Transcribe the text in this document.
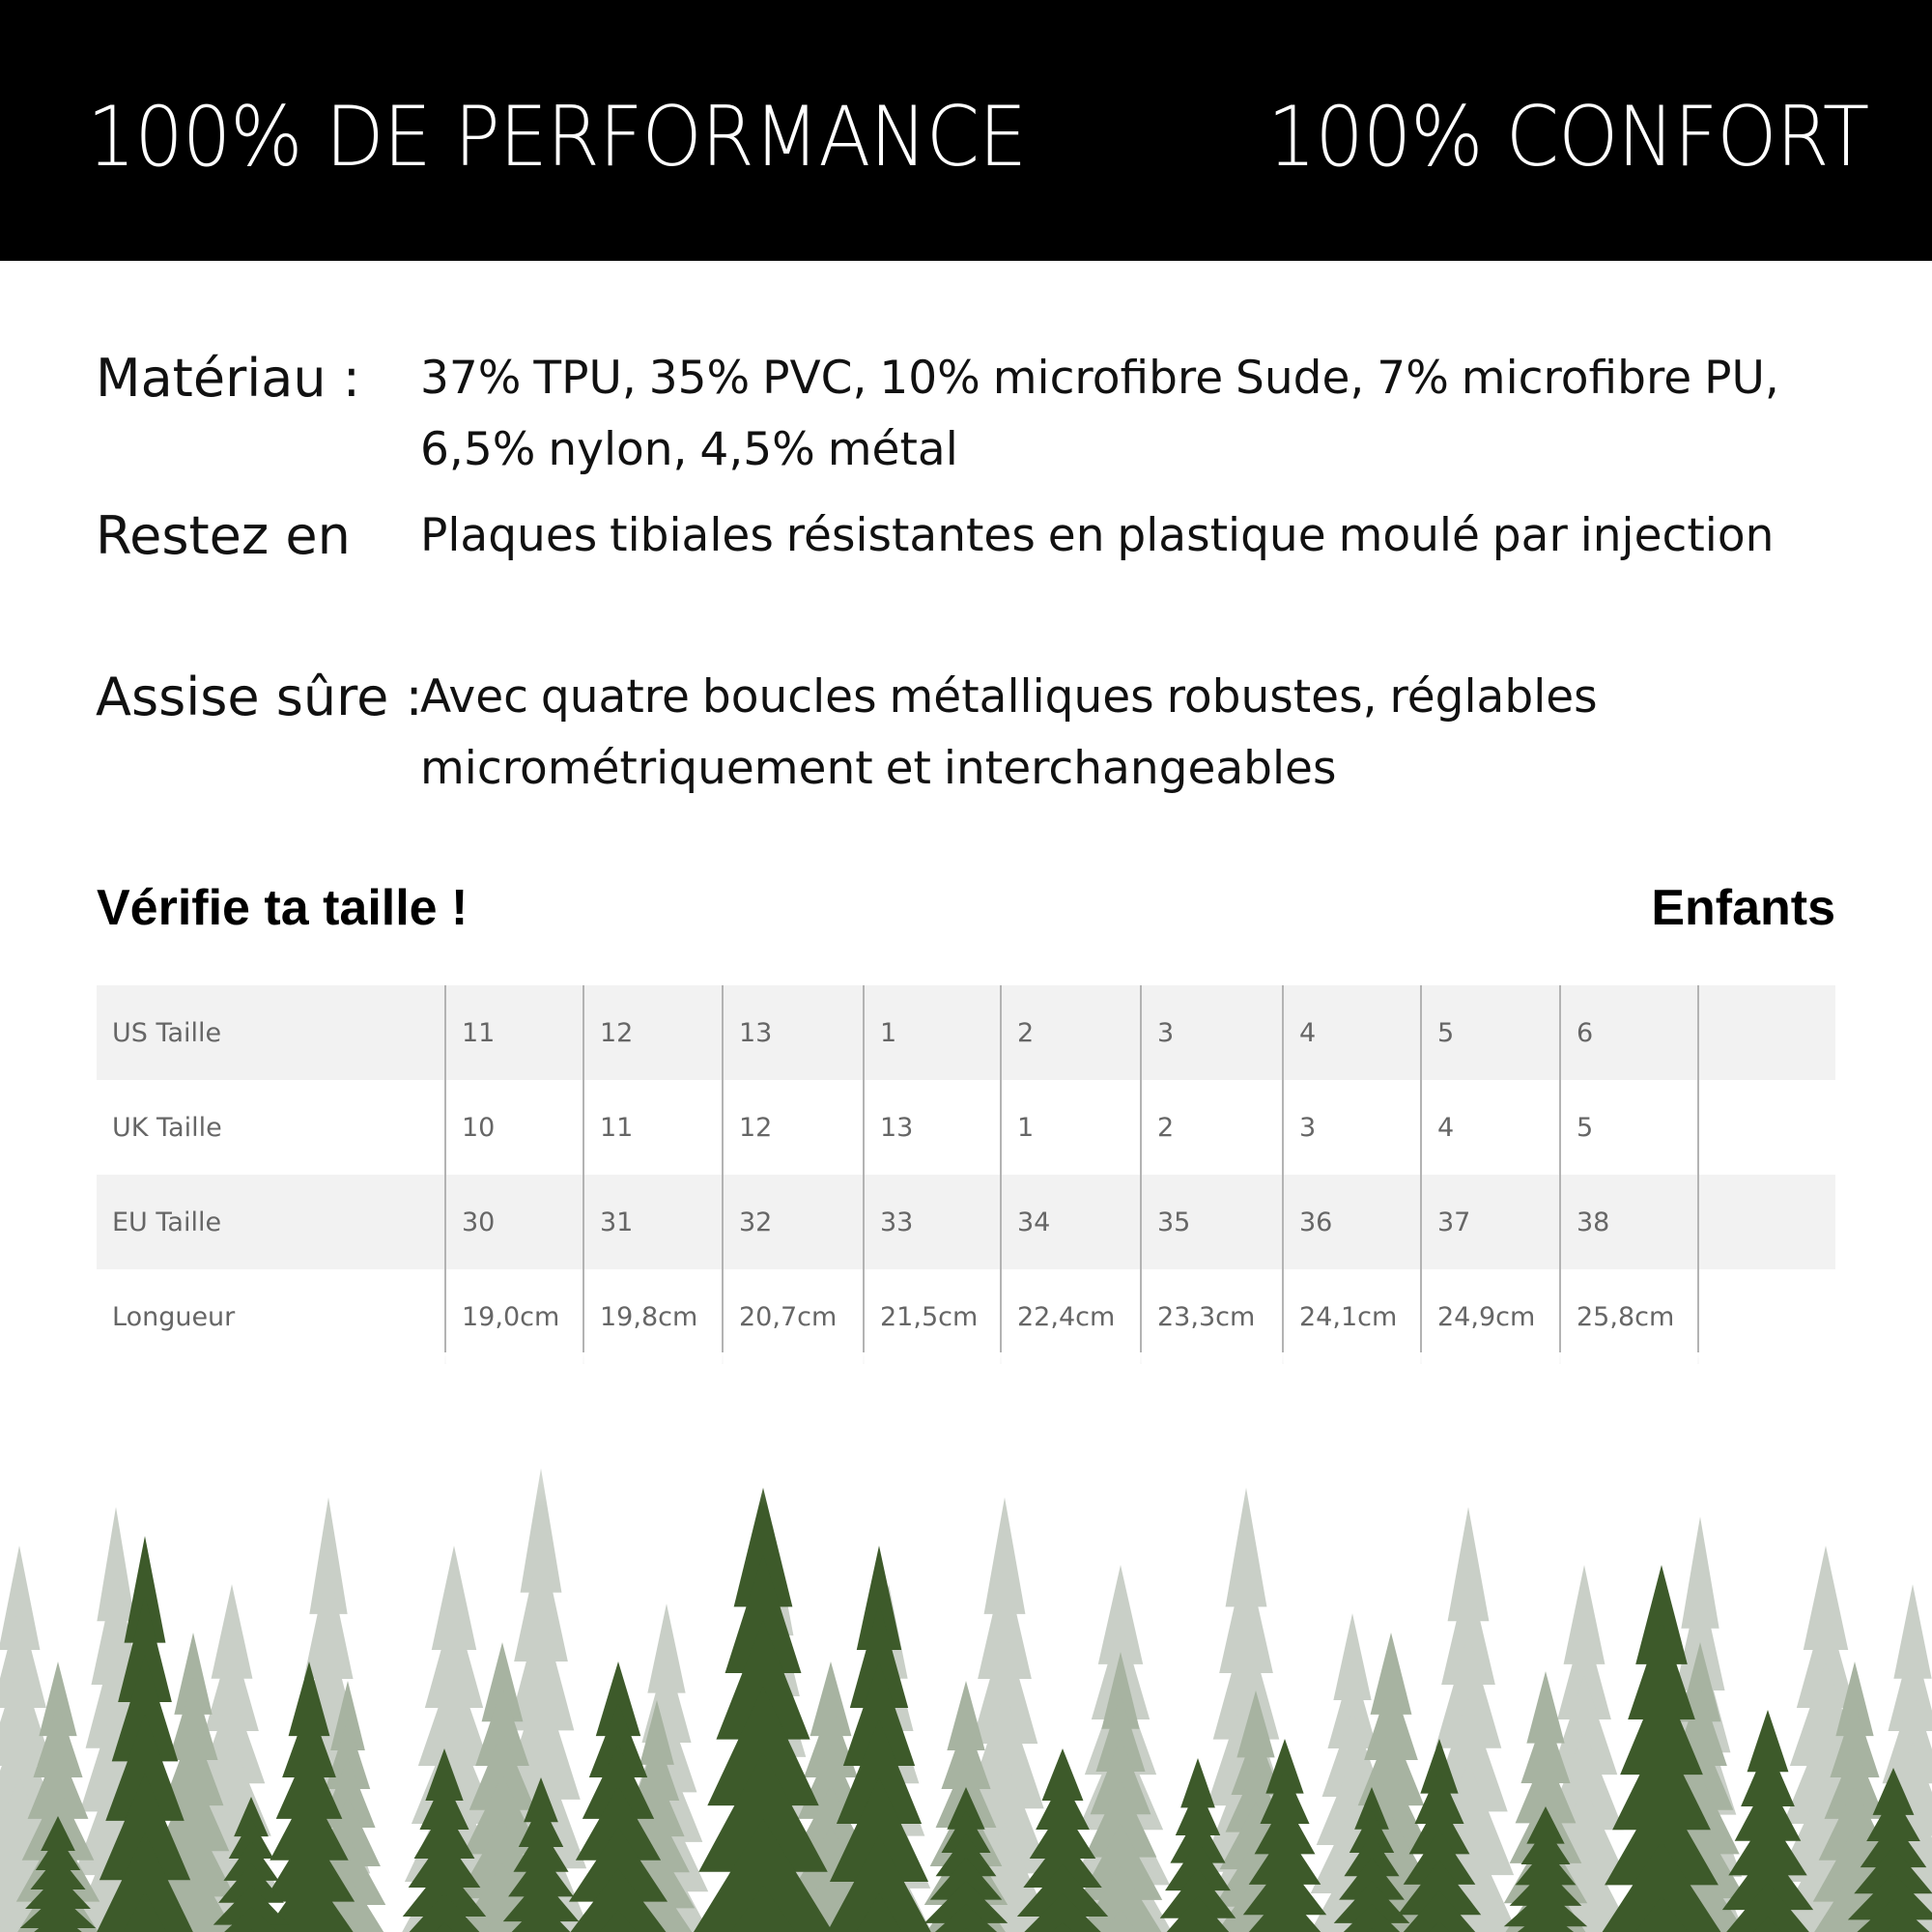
100% DE PERFORMANCE	100% CONFORT
Matériau : 37% TPU, 35% PVC, 10% microfibre Sude, 7% microfibre PU, 6,5% nylon, 4,5% métal
Restez en Plaques tibiales résistantes en plastique moulé par injection
Assise sûre :
Avec quatre boucles métalliques robustes, réglables micrométriquement et interchangeables
Vérifie ta taille !	Enfants
US Taille	11	12	13	1	2	3	4	5	6	
UK Taille	10	11	12	13	1	2	3	4	5	
EU Taille	30	31	32	33	34	35	36	37	38	
Longueur	19,0cm	19,8cm	20,7cm	21,5cm	22,4cm	23,3cm	24,1cm	24,9cm	25,8cm	
